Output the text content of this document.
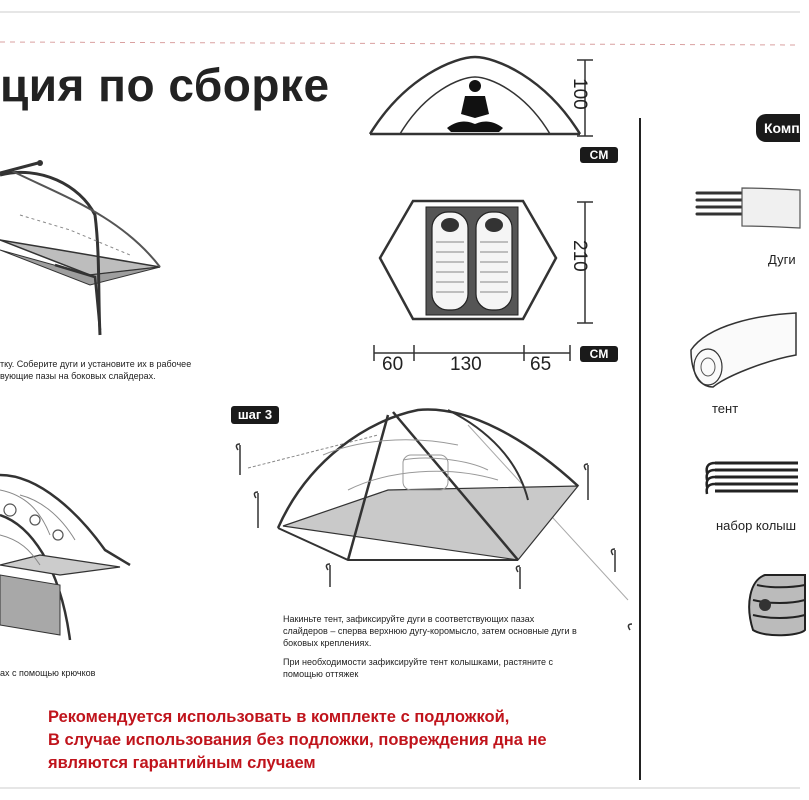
ция по сборке
тку. Соберите дуги и установите их в рабочее
вующие пазы на боковых слайдерах.
ах с помощью крючков
100
CM
210
60 130	65	CM
шаг 3
Накиньте тент, зафиксируйте дуги в соответствующих пазах
слайдеров – сперва верхнюю дугу-коромысло, затем основные дуги в
боковых креплениях.
При необходимости зафиксируйте тент колышками, растяните с
помощью оттяжек
Компл
Дуги
тент
набор колыш
Рекомендуется использовать в комплекте с подложкой,
В случае использования без подложки, повреждения дна не
являются гарантийным случаем
